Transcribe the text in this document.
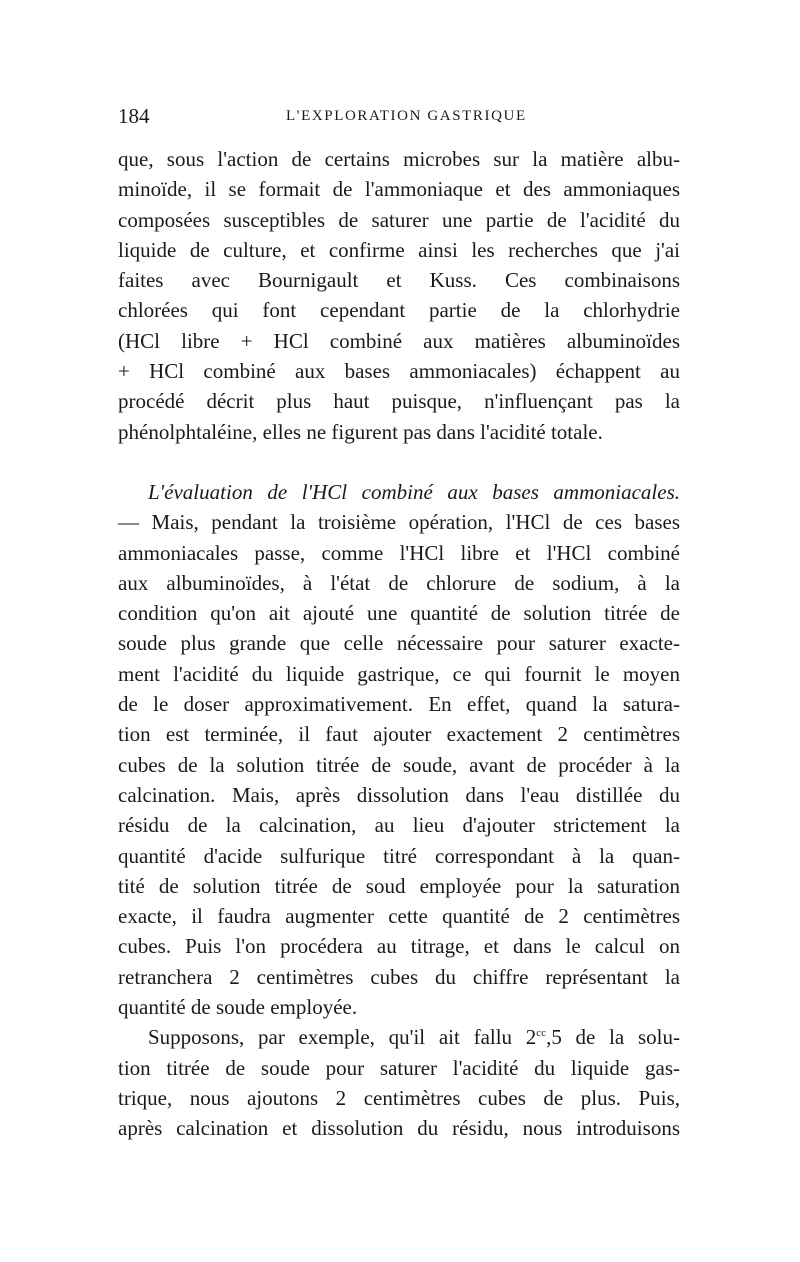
184	L'EXPLORATION GASTRIQUE
que, sous l'action de certains microbes sur la matière albu-
minoïde, il se formait de l'ammoniaque et des ammoniaques
composées susceptibles de saturer une partie de l'acidité du
liquide de culture, et confirme ainsi les recherches que j'ai
faites avec Bournigault et Kuss. Ces combinaisons
chlorées qui font cependant partie de la chlorhydrie
(HCl libre + HCl combiné aux matières albuminoïdes
+ HCl combiné aux bases ammoniacales) échappent au
procédé décrit plus haut puisque, n'influençant pas la
phénolphtaléine, elles ne figurent pas dans l'acidité totale.
L'évaluation de l'HCl combiné aux bases ammoniacales.
— Mais, pendant la troisième opération, l'HCl de ces bases
ammoniacales passe, comme l'HCl libre et l'HCl combiné
aux albuminoïdes, à l'état de chlorure de sodium, à la
condition qu'on ait ajouté une quantité de solution titrée de
soude plus grande que celle nécessaire pour saturer exacte-
ment l'acidité du liquide gastrique, ce qui fournit le moyen
de le doser approximativement. En effet, quand la satura-
tion est terminée, il faut ajouter exactement 2 centimètres
cubes de la solution titrée de soude, avant de procéder à la
calcination. Mais, après dissolution dans l'eau distillée du
résidu de la calcination, au lieu d'ajouter strictement la
quantité d'acide sulfurique titré correspondant à la quan-
tité de solution titrée de soud employée pour la saturation
exacte, il faudra augmenter cette quantité de 2 centimètres
cubes. Puis l'on procédera au titrage, et dans le calcul on
retranchera 2 centimètres cubes du chiffre représentant la
quantité de soude employée.
Supposons, par exemple, qu'il ait fallu $2^{cc},5$ de la solu-
tion titrée de soude pour saturer l'acidité du liquide gas-
trique, nous ajoutons 2 centimètres cubes de plus. Puis,
après calcination et dissolution du résidu, nous introduisons
